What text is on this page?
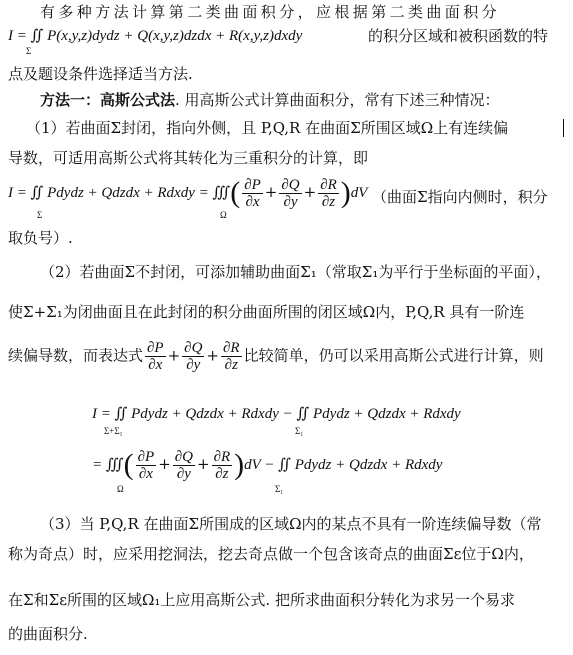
有多种方法计算第二类曲面积分，应根据第二类曲面积分
I = ∬ P(x,y,z)dydz + Q(x,y,z)dzdx + R(x,y,z)dxdy
Σ
的积分区域和被积函数的特
点及题设条件选择适当方法.
方法一：高斯公式法. 用高斯公式计算曲面积分，常有下述三种情况：
（1）若曲面Σ封闭，指向外侧，且 P,Q,R 在曲面Σ所围区域Ω上有连续偏
导数，可适用高斯公式将其转化为三重积分的计算，即
I = ∬ Pdydz + Qdzdx + Rdxdy = ∭( $\frac{\partial P}{\partial x} + \frac{\partial Q}{\partial y} + \frac{\partial R}{\partial z} )dV$
Σ	Ω
（曲面Σ指向内侧时，积分
取负号）.
（2）若曲面Σ不封闭，可添加辅助曲面Σ₁（常取Σ₁为平行于坐标面的平面），
使Σ+Σ₁为闭曲面且在此封闭的积分曲面所围的闭区域Ω内，P,Q,R 具有一阶连
续偏导数，而表达式 $\frac{\partial P}{\partial x} + \frac{\partial Q}{\partial y} + \frac{\partial R}{\partial z}$ 比较简单，仍可以采用高斯公式进行计算，则
I = ∬ Pdydz + Qdzdx + Rdxdy − ∬ Pdydz + Qdzdx + Rdxdy
Σ+Σ₁	Σ₁
= ∭( $\frac{\partial P}{\partial x} + \frac{\partial Q}{\partial y} + \frac{\partial R}{\partial z} )dV$ − ∬ Pdydz + Qdzdx + Rdxdy
Ω	Σ₁
（3）当 P,Q,R 在曲面Σ所围成的区域Ω内的某点不具有一阶连续偏导数（常
称为奇点）时，应采用挖洞法，挖去奇点做一个包含该奇点的曲面Σε位于Ω内，
在Σ和Σε所围的区域Ω₁上应用高斯公式. 把所求曲面积分转化为求另一个易求
的曲面积分.
